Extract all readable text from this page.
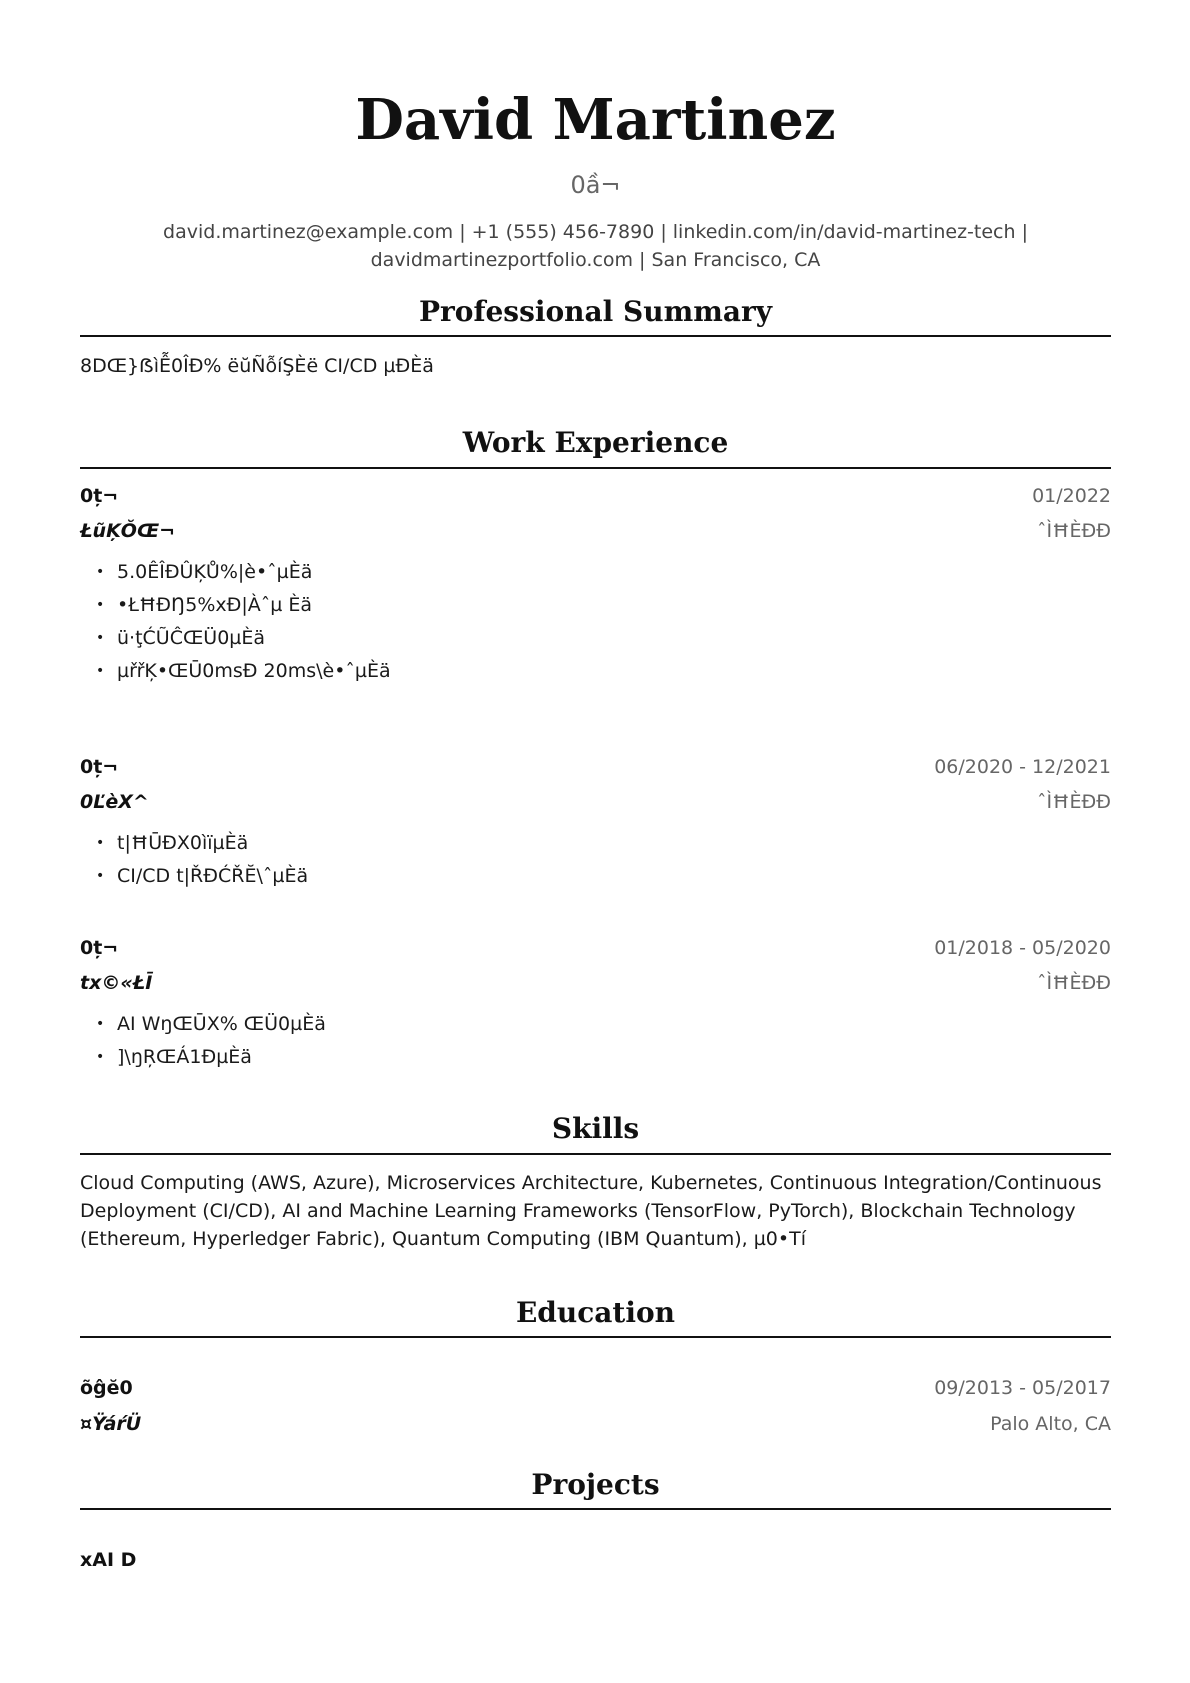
David Martinez
0ầ¬
david.martinez@example.com | +1 (555) 456-7890 | linkedin.com/in/david-martinez-tech |
davidmartinezportfolio.com | San Francisco, CA
Professional Summary
8DŒ}ẞìỄ0ÎĐ% ëŭÑỗíŞÈë CI/CD µĐÈä
Work Experience
0ț¬	01/2022
ŁũĶŎŒ¬	ˆÌĦÈĐĐ
• 5.0ÊÎĐÛĶŮ%|è•ˆµÈä
• •ŁĦĐŊ5%xĐ|Àˆµ Èä
• ü·ţĆŨĈŒÜ0µÈä
• µřřĶ•ŒŪ0msĐ 20ms\è•ˆµÈä
0ț¬	06/2020 - 12/2021
0ĽèX^	ˆÌĦÈĐĐ
• t|ĦŪĐX0ìïµÈä
• CI/CD t|ŘĐĆŘĔ\ˆµÈä
0ț¬	01/2018 - 05/2020
tx©«ŁĪ	ˆÌĦÈĐĐ
• AI WŋŒŪX% ŒÜ0µÈä
• ]\ŋŖŒÁ1ĐµÈä
Skills
Cloud Computing (AWS, Azure), Microservices Architecture, Kubernetes, Continuous Integration/Continuous Deployment (CI/CD), AI and Machine Learning Frameworks (TensorFlow, PyTorch), Blockchain Technology (Ethereum, Hyperledger Fabric), Quantum Computing (IBM Quantum), µ0•Tí
Education
õĝĕ0	09/2013 - 05/2017
¤ŸáŕÜ	Palo Alto, CA
Projects
xAI D
